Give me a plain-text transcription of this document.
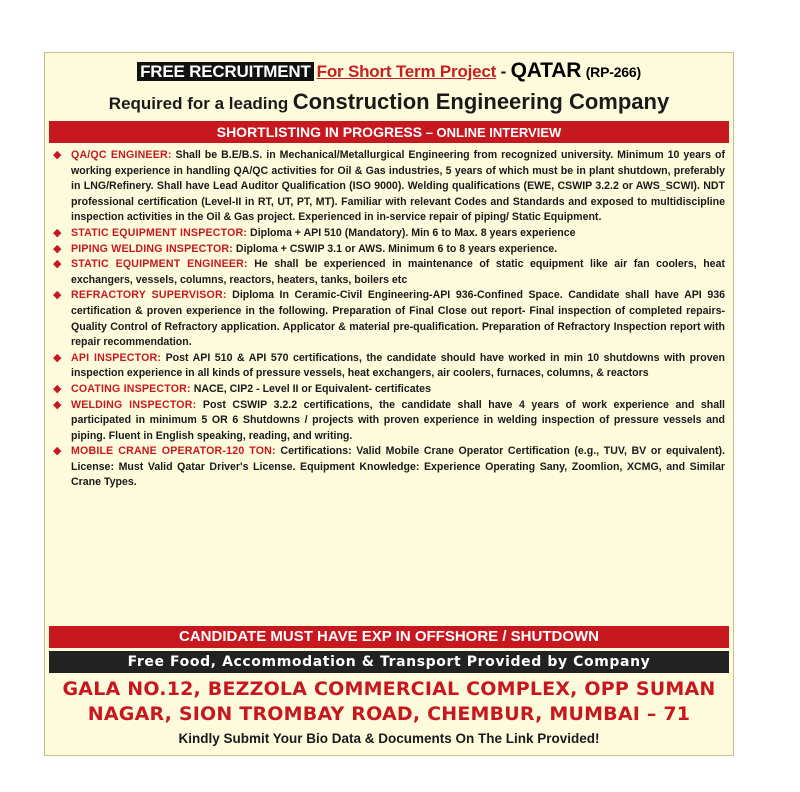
FREE RECRUITMENT For Short Term Project - QATAR (RP-266)
Required for a leading Construction Engineering Company
SHORTLISTING IN PROGRESS – ONLINE INTERVIEW
◆ QA/QC ENGINEER: Shall be B.E/B.S. in Mechanical/Metallurgical Engineering from recognized university. Minimum 10 years of working experience in handling QA/QC activities for Oil & Gas industries, 5 years of which must be in plant shutdown, preferably in LNG/Refinery. Shall have Lead Auditor Qualification (ISO 9000). Welding qualifications (EWE, CSWIP 3.2.2 or AWS_SCWI). NDT professional certification (Level-II in RT, UT, PT, MT). Familiar with relevant Codes and Standards and exposed to multidiscipline inspection activities in the Oil & Gas project. Experienced in in-service repair of piping/ Static Equipment.
◆ STATIC EQUIPMENT INSPECTOR: Diploma + API 510 (Mandatory). Min 6 to Max. 8 years experience
◆ PIPING WELDING INSPECTOR: Diploma + CSWIP 3.1 or AWS. Minimum 6 to 8 years experience.
◆ STATIC EQUIPMENT ENGINEER: He shall be experienced in maintenance of static equipment like air fan coolers, heat exchangers, vessels, columns, reactors, heaters, tanks, boilers etc
◆ REFRACTORY SUPERVISOR: Diploma In Ceramic-Civil Engineering-API 936-Confined Space. Candidate shall have API 936 certification & proven experience in the following. Preparation of Final Close out report- Final inspection of completed repairs- Quality Control of Refractory application. Applicator & material pre-qualification. Preparation of Refractory Inspection report with repair recommendation.
◆ API INSPECTOR: Post API 510 & API 570 certifications, the candidate should have worked in min 10 shutdowns with proven inspection experience in all kinds of pressure vessels, heat exchangers, air coolers, furnaces, columns, & reactors
◆ COATING INSPECTOR: NACE, CIP2 - Level II or Equivalent- certificates
◆ WELDING INSPECTOR: Post CSWIP 3.2.2 certifications, the candidate shall have 4 years of work experience and shall participated in minimum 5 OR 6 Shutdowns / projects with proven experience in welding inspection of pressure vessels and piping. Fluent in English speaking, reading, and writing.
◆ MOBILE CRANE OPERATOR-120 TON: Certifications: Valid Mobile Crane Operator Certification (e.g., TUV, BV or equivalent). License: Must Valid Qatar Driver's License. Equipment Knowledge: Experience Operating Sany, Zoomlion, XCMG, and Similar Crane Types.
CANDIDATE MUST HAVE EXP IN OFFSHORE / SHUTDOWN
Free Food, Accommodation & Transport Provided by Company
GALA NO.12, BEZZOLA COMMERCIAL COMPLEX, OPP SUMAN
NAGAR, SION TROMBAY ROAD, CHEMBUR, MUMBAI – 71
Kindly Submit Your Bio Data & Documents On The Link Provided!
